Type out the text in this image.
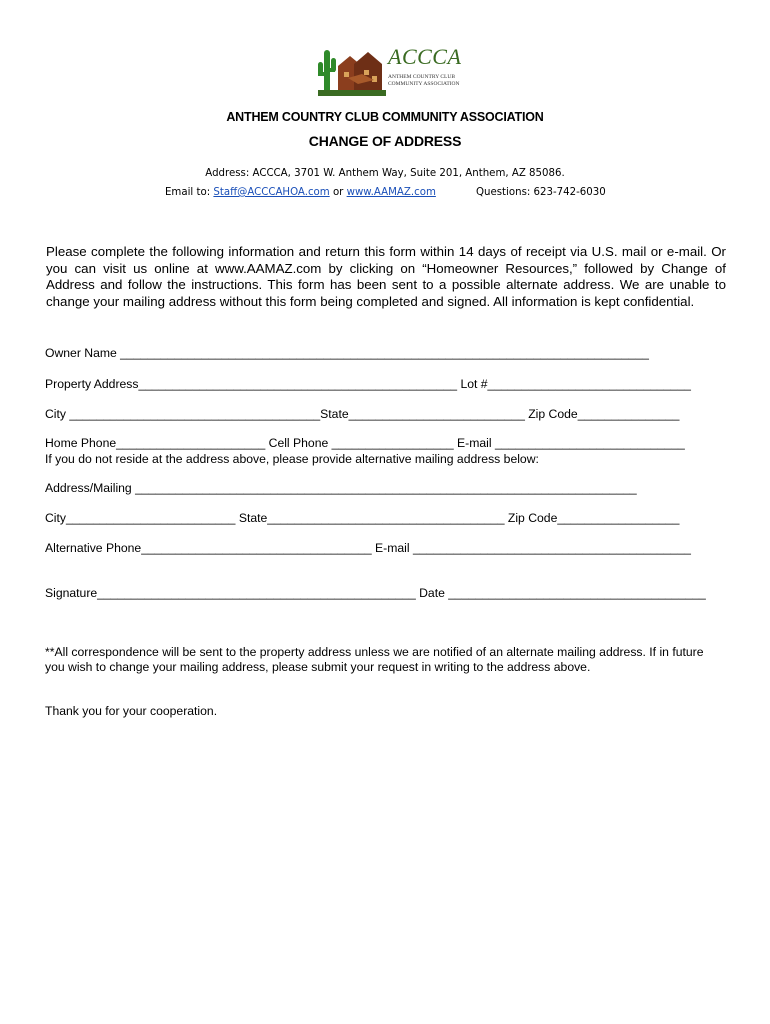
ACCCA
ANTHEM COUNTRY CLUB
COMMUNITY ASSOCIATION
ANTHEM COUNTRY CLUB COMMUNITY ASSOCIATION
CHANGE OF ADDRESS
Address: ACCCA, 3701 W. Anthem Way, Suite 201, Anthem, AZ 85086.
Email to: Staff@ACCCAHOA.com or www.AAMAZ.com	Questions: 623-742-6030
Please complete the following information and return this form within 14 days of receipt via U.S. mail or e-mail. Or you can visit us online at www.AAMAZ.com by clicking on “Homeowner Resources,” followed by Change of Address and follow the instructions. This form has been sent to a possible alternate address. We are unable to change your mailing address without this form being completed and signed. All information is kept confidential.
Owner Name ______________________________________________________________________________
Property Address_______________________________________________ Lot #______________________________
City _____________________________________State__________________________ Zip Code_______________
Home Phone______________________ Cell Phone __________________ E-mail ____________________________
If you do not reside at the address above, please provide alternative mailing address below:
Address/Mailing __________________________________________________________________________
City_________________________ State___________________________________ Zip Code__________________
Alternative Phone__________________________________ E-mail _________________________________________
Signature_______________________________________________ Date ______________________________________
**All correspondence will be sent to the property address unless we are notified of an alternate mailing address. If in future you wish to change your mailing address, please submit your request in writing to the address above.
Thank you for your cooperation.
